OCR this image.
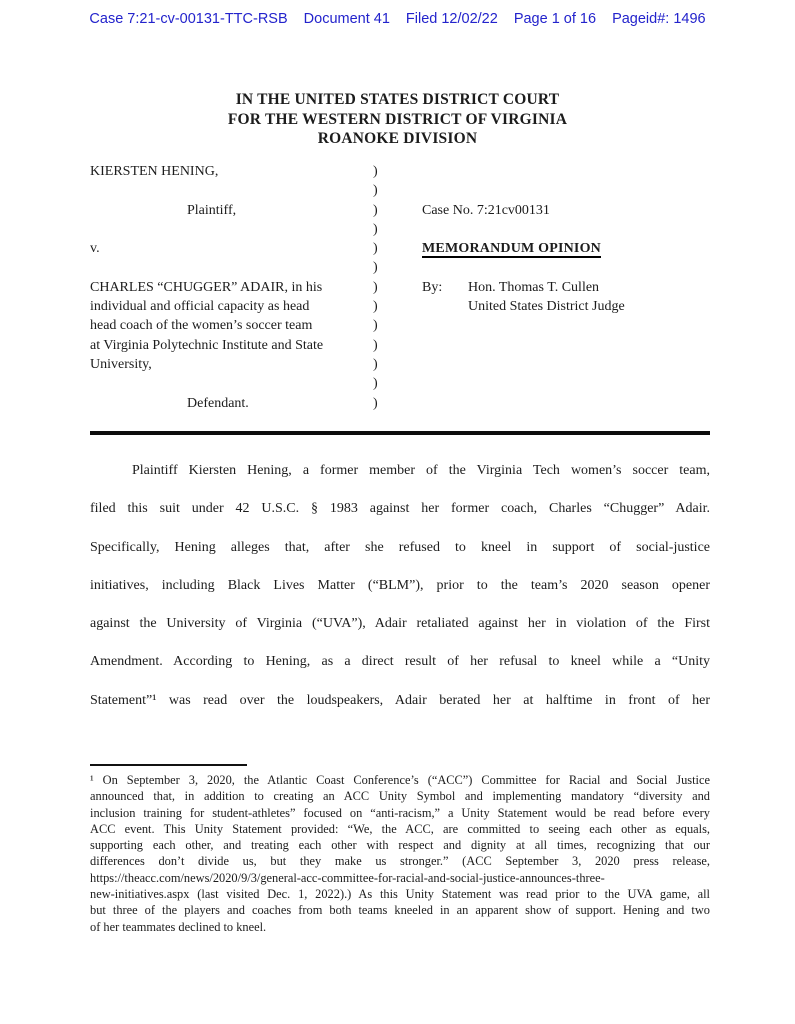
Case 7:21-cv-00131-TTC-RSB Document 41 Filed 12/02/22 Page 1 of 16 Pageid#: 1496
IN THE UNITED STATES DISTRICT COURT
FOR THE WESTERN DISTRICT OF VIRGINIA
ROANOKE DIVISION
KIERSTEN HENING,	)
)
Plaintiff,	)	Case No. 7:21cv00131
)
v.	)	MEMORANDUM OPINION
)
CHARLES “CHUGGER” ADAIR, in his	)	By: Hon. Thomas T. Cullen
individual and official capacity as head	)	United States District Judge
head coach of the women’s soccer team	)
at Virginia Polytechnic Institute and State	)
University,	)
)
Defendant.	)
Plaintiff Kiersten Hening, a former member of the Virginia Tech women’s soccer team,
filed this suit under 42 U.S.C. § 1983 against her former coach, Charles “Chugger” Adair.
Specifically, Hening alleges that, after she refused to kneel in support of social-justice
initiatives, including Black Lives Matter (“BLM”), prior to the team’s 2020 season opener
against the University of Virginia (“UVA”), Adair retaliated against her in violation of the First
Amendment. According to Hening, as a direct result of her refusal to kneel while a “Unity
Statement”¹ was read over the loudspeakers, Adair berated her at halftime in front of her
¹ On September 3, 2020, the Atlantic Coast Conference’s (“ACC”) Committee for Racial and Social Justice
announced that, in addition to creating an ACC Unity Symbol and implementing mandatory “diversity and
inclusion training for student-athletes” focused on “anti-racism,” a Unity Statement would be read before every
ACC event. This Unity Statement provided: “We, the ACC, are committed to seeing each other as equals,
supporting each other, and treating each other with respect and dignity at all times, recognizing that our
differences don’t divide us, but they make us stronger.” (ACC September 3, 2020 press release,
https://theacc.com/news/2020/9/3/general-acc-committee-for-racial-and-social-justice-announces-three-
new-initiatives.aspx (last visited Dec. 1, 2022).) As this Unity Statement was read prior to the UVA game, all
but three of the players and coaches from both teams kneeled in an apparent show of support. Hening and two
of her teammates declined to kneel.
